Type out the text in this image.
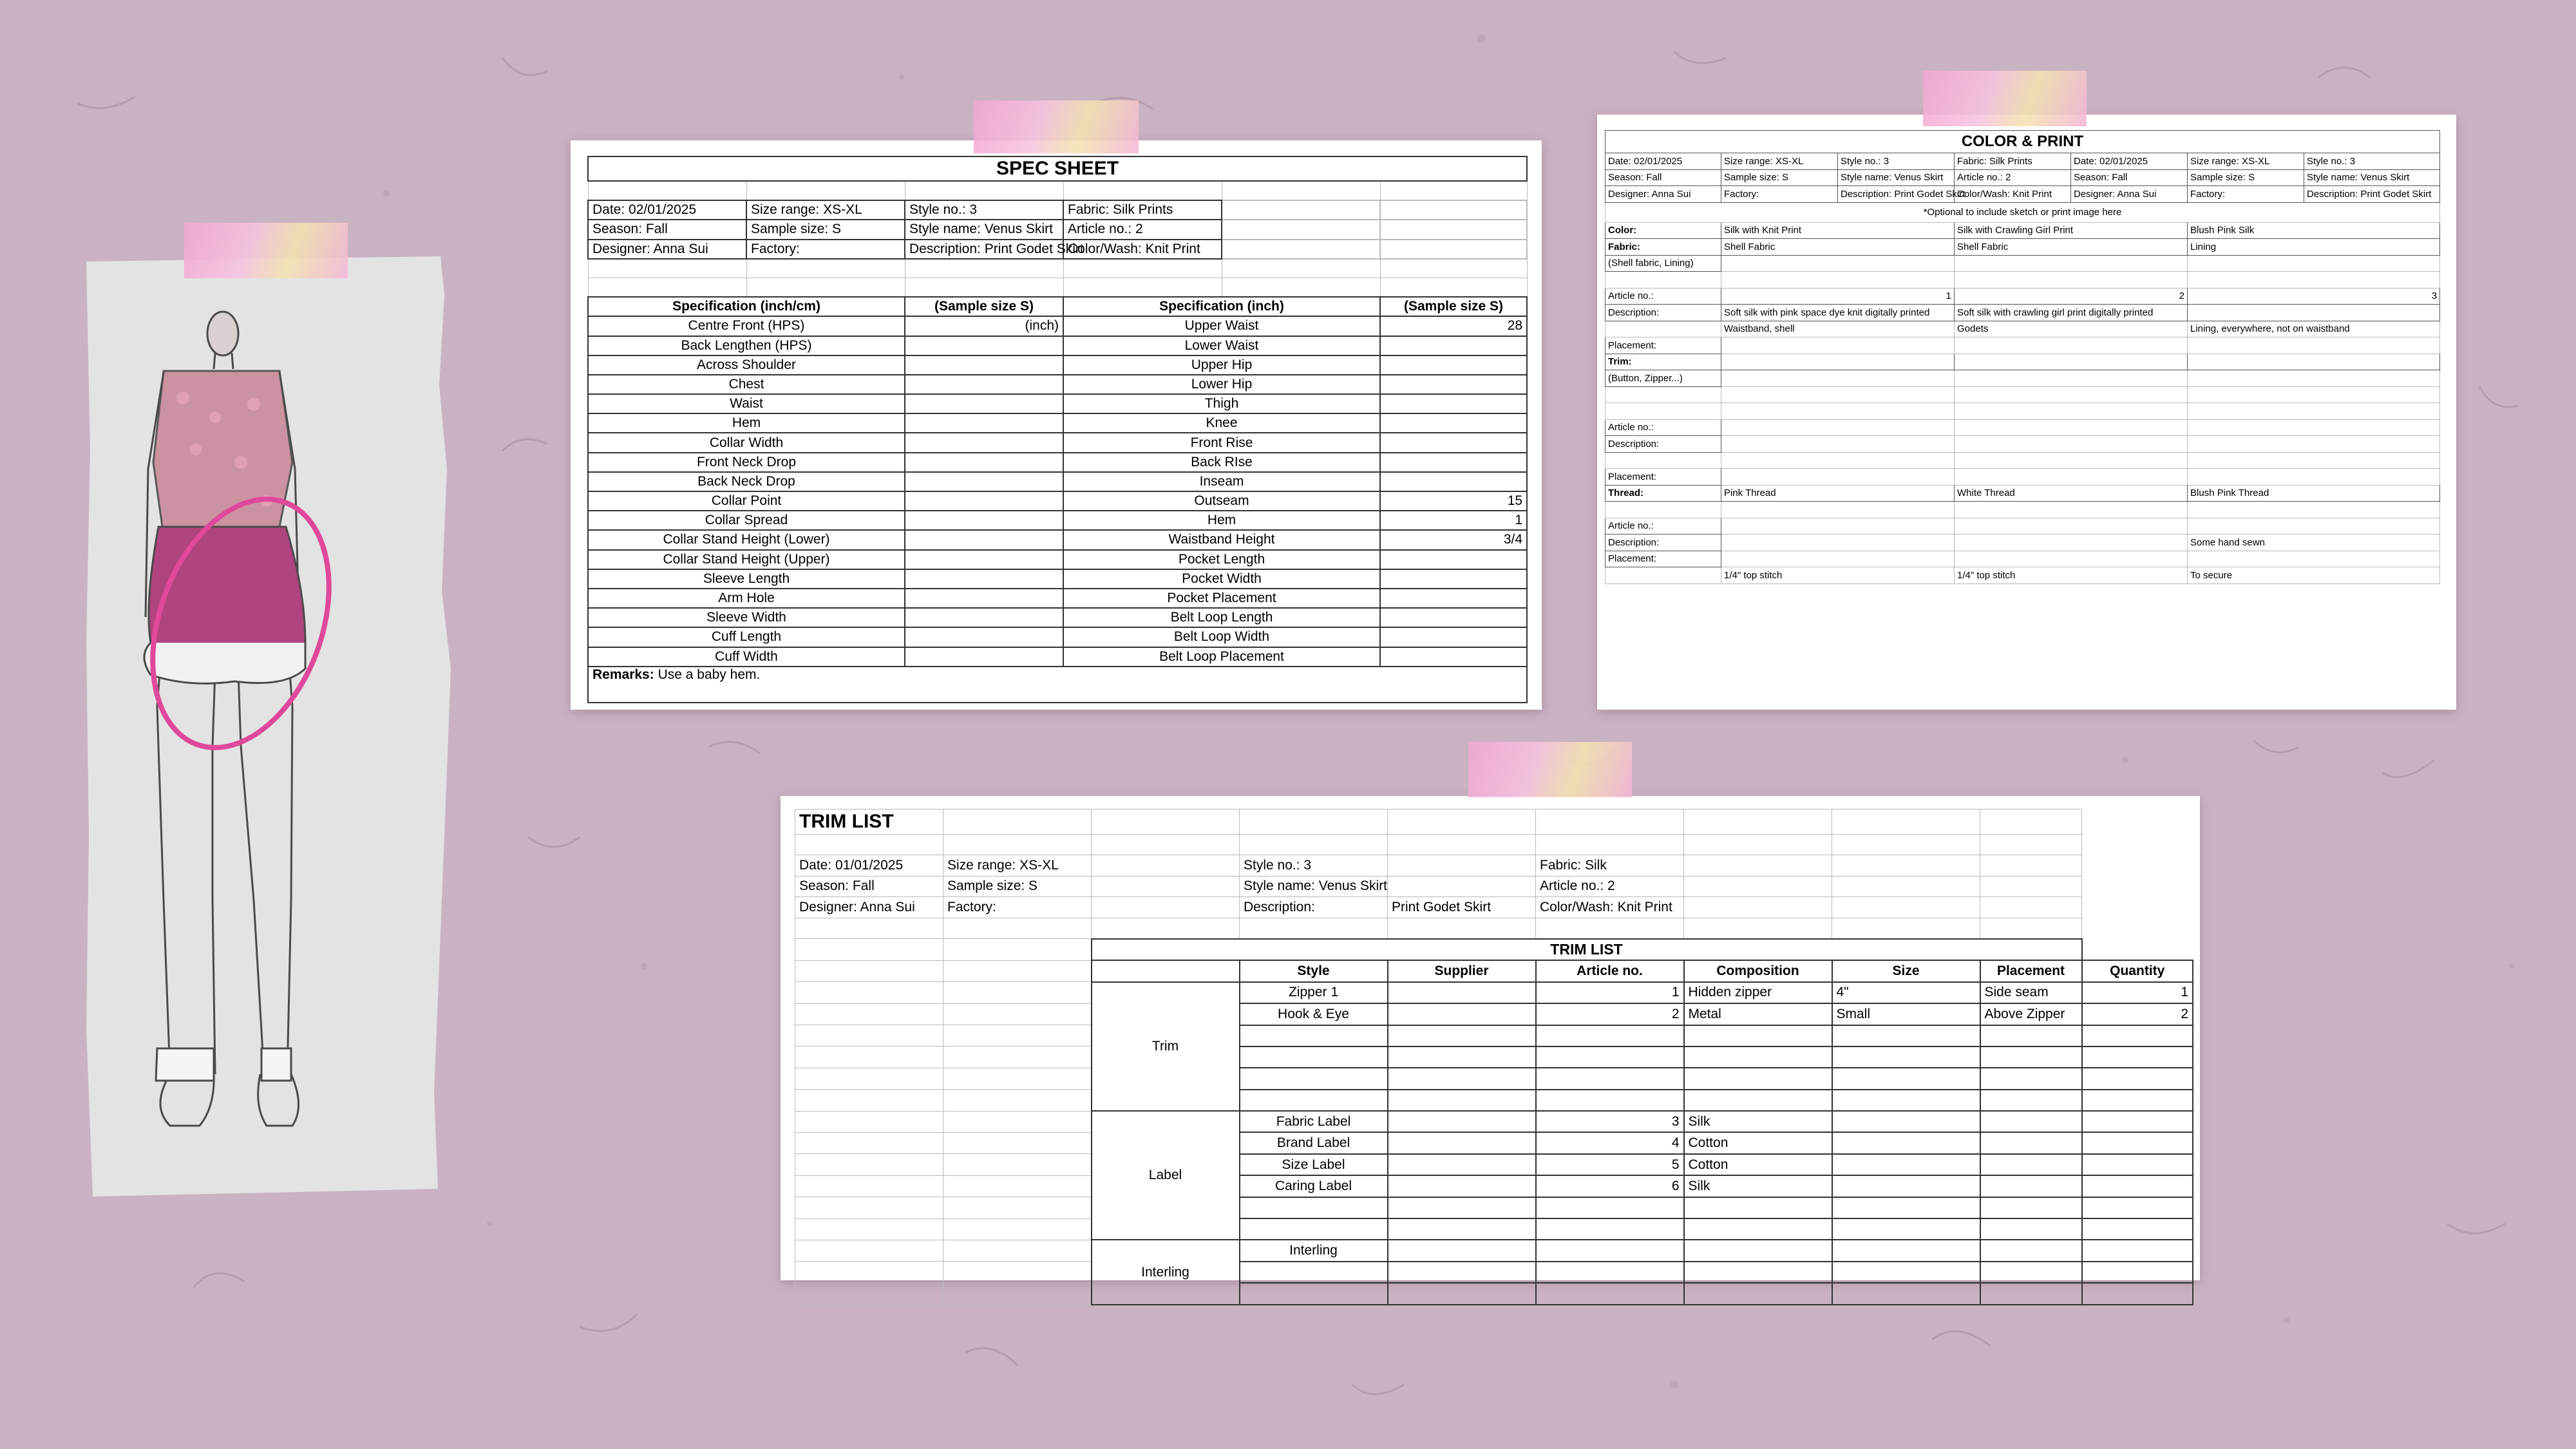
SPEC SHEET					

Date: 02/01/2025	Size range: XS-XL	Style no.: 3	Fabric: Silk Prints		
Season: Fall	Sample size: S	Style name: Venus Skirt	Article no.: 2		
Designer: Anna Sui	Factory:	Description: Print Godet Skirt	Color/Wash: Knit Print		

Specification (inch/cm)		(Sample size S)	Specification (inch)		(Sample size S)
Centre Front (HPS)		(inch)	Upper Waist		28
Back Lengthen (HPS)			Lower Waist		
Across Shoulder			Upper Hip		
Chest			Lower Hip		
Waist			Thigh		
Hem			Knee		
Collar Width			Front Rise		
Front Neck Drop			Back RIse		
Back Neck Drop			Inseam		
Collar Point			Outseam		15
Collar Spread			Hem		1
Collar Stand Height (Lower)			Waistband Height		3/4
Collar Stand Height (Upper)			Pocket Length		
Sleeve Length			Pocket Width		
Arm Hole			Pocket Placement		
Sleeve Width			Belt Loop Length		
Cuff Length			Belt Loop Width		
Cuff Width			Belt Loop Placement		
Remarks: Use a baby hem.					
COLOR & PRINT						
Date: 02/01/2025	Size range: XS-XL	Style no.: 3	Fabric: Silk Prints	Date: 02/01/2025	Size range: XS-XL	Style no.: 3
Season: Fall	Sample size: S	Style name: Venus Skirt	Article no.: 2	Season: Fall	Sample size: S	Style name: Venus Skirt
Designer: Anna Sui	Factory:	Description: Print Godet Skirt	Color/Wash: Knit Print	Designer: Anna Sui	Factory:	Description: Print Godet Skirt
*Optional to include sketch or print image here						
Color:	Silk with Knit Print		Silk with Crawling Girl Print		Blush Pink Silk	
Fabric:	Shell Fabric		Shell Fabric		Lining	
(Shell fabric, Lining)						

Article no.:	1		2		3	
Description:	Soft silk with pink space dye knit digitally printed		Soft silk with crawling girl print digitally printed			
	Waistband, shell		Godets		Lining, everywhere, not on waistband	
Placement:						
Trim:						
(Button, Zipper...)						

Article no.:						
Description:						

Placement:						
Thread:	Pink Thread		White Thread		Blush Pink Thread	

Article no.:						
Description:					Some hand sewn	
Placement:						
	1/4" top stitch		1/4" top stitch		To secure	
TRIM LIST									

Date: 01/01/2025	Size range: XS-XL		Style no.: 3		Fabric: Silk				
Season: Fall	Sample size: S		Style name: Venus Skirt		Article no.: 2				
Designer: Anna Sui	Factory:		Description:	Print Godet Skirt	Color/Wash: Knit Print				

		TRIM LIST							
			Style	Supplier	Article no.	Composition	Size	Placement	Quantity
		Trim	Zipper 1		1	Hidden zipper	4"	Side seam	1
			Hook & Eye		2	Metal	Small	Above Zipper	2

		Label	Fabric Label		3	Silk			
			Brand Label		4	Cotton			
			Size Label		5	Cotton			
			Caring Label		6	Silk			

		Interling	Interling						
